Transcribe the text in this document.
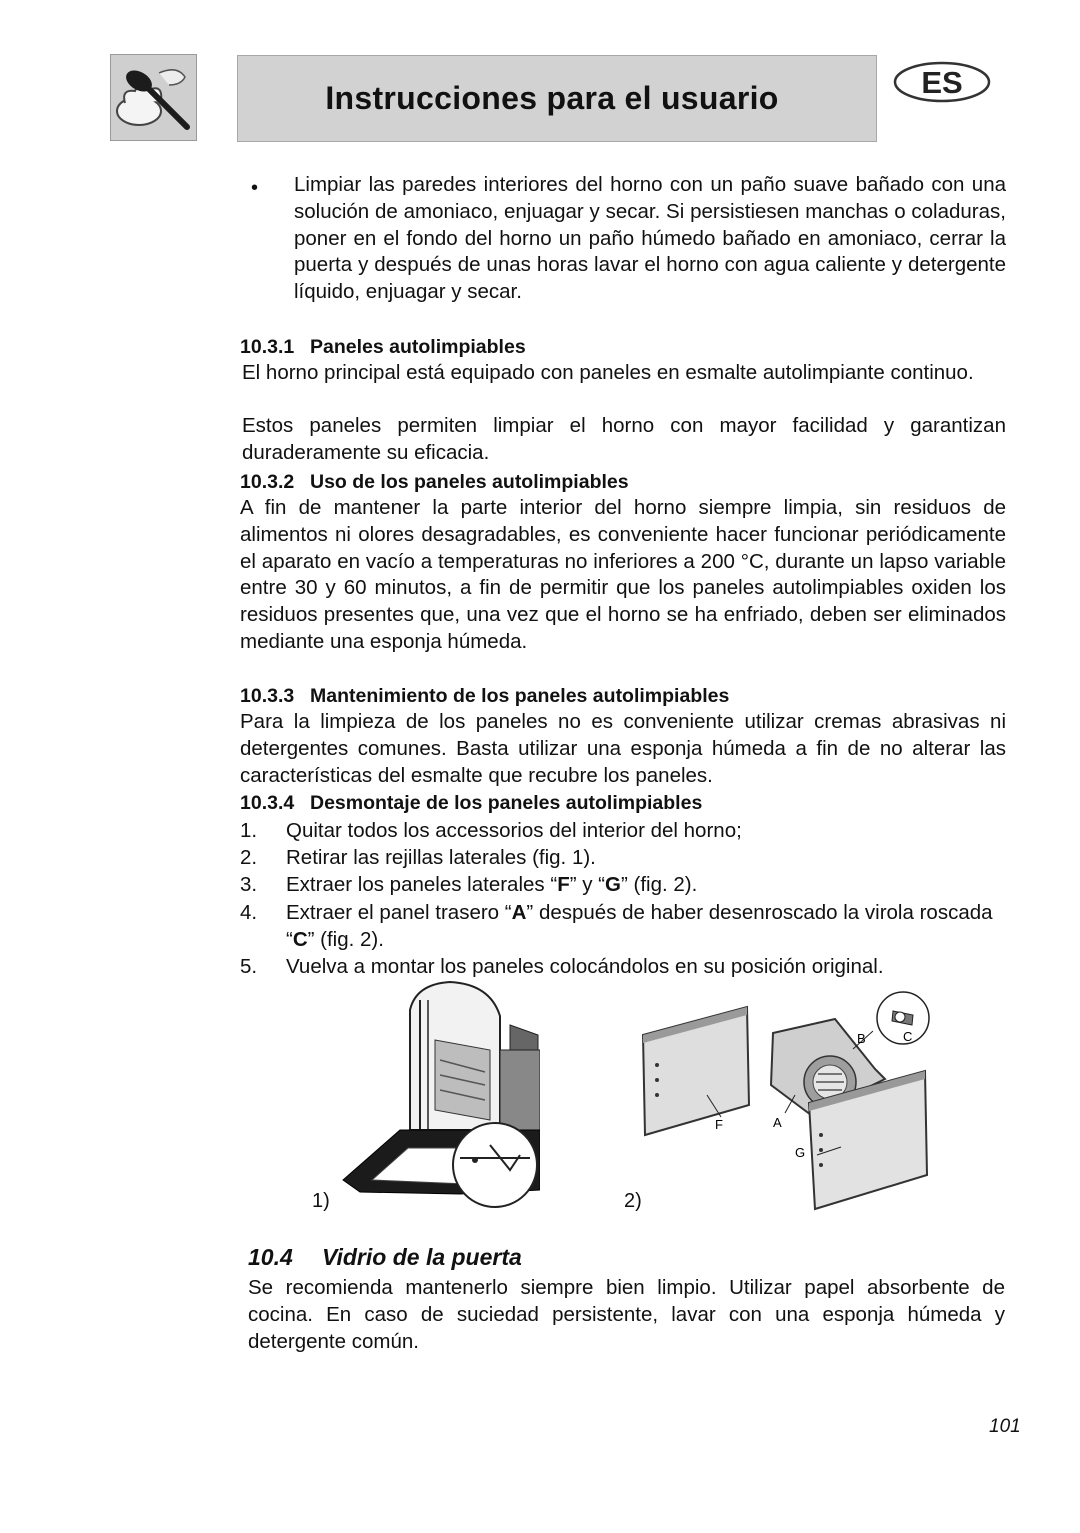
Instrucciones para el usuario	ES
• Limpiar las paredes interiores del horno con un paño suave bañado con una solución de amoniaco, enjuagar y secar. Si persistiesen manchas o coladuras, poner en el fondo del horno un paño húmedo bañado en amoniaco, cerrar la puerta y después de unas horas lavar el horno con agua caliente y detergente líquido, enjuagar y secar.
10.3.1 Paneles autolimpiables
El horno principal está equipado con paneles en esmalte autolimpiante continuo.
Estos paneles permiten limpiar el horno con mayor facilidad y garantizan duraderamente su eficacia.
10.3.2 Uso de los paneles autolimpiables
A fin de mantener la parte interior del horno siempre limpia, sin residuos de alimentos ni olores desagradables, es conveniente hacer funcionar periódicamente el aparato en vacío a temperaturas no inferiores a 200 °C, durante un lapso variable entre 30 y 60 minutos, a fin de permitir que los paneles autolimpiables oxiden los residuos presentes que, una vez que el horno se ha enfriado, deben ser eliminados mediante una esponja húmeda.
10.3.3 Mantenimiento de los paneles autolimpiables
Para la limpieza de los paneles no es conveniente utilizar cremas abrasivas ni detergentes comunes. Basta utilizar una esponja húmeda a fin de no alterar las características del esmalte que recubre los paneles.
10.3.4 Desmontaje de los paneles autolimpiables
1.	Quitar todos los accessorios del interior del horno;
2.	Retirar las rejillas laterales (fig. 1).
3.	Extraer los paneles laterales “F” y “G” (fig. 2).
4.	Extraer el panel trasero “A” después de haber desenroscado la virola roscada “C” (fig. 2).
5.	Vuelva a montar los paneles colocándolos en su posición original.
1)
B	C
F	A
G
2)
10.4 Vidrio de la puerta
Se recomienda mantenerlo siempre bien limpio. Utilizar papel absorbente de cocina. En caso de suciedad persistente, lavar con una esponja húmeda y detergente común.
101
